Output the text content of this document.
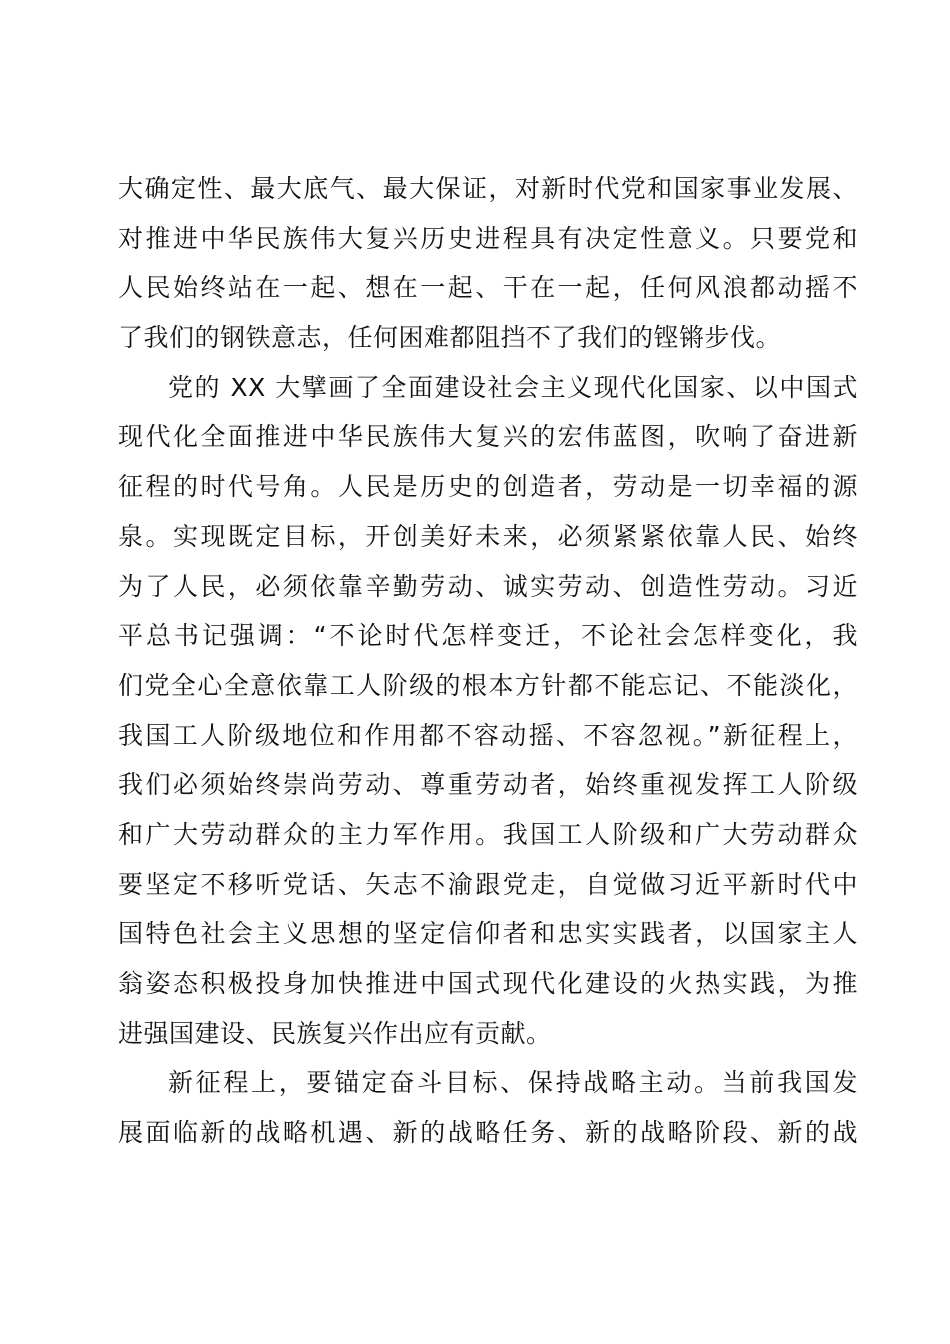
大确定性、最大底气、最大保证，对新时代党和国家事业发展、
对推进中华民族伟大复兴历史进程具有决定性意义。只要党和
人民始终站在一起、想在一起、干在一起，任何风浪都动摇不
了我们的钢铁意志，任何困难都阻挡不了我们的铿锵步伐。
党的 XX 大擘画了全面建设社会主义现代化国家、以中国式
现代化全面推进中华民族伟大复兴的宏伟蓝图，吹响了奋进新
征程的时代号角。人民是历史的创造者，劳动是一切幸福的源
泉。实现既定目标，开创美好未来，必须紧紧依靠人民、始终
为了人民，必须依靠辛勤劳动、诚实劳动、创造性劳动。习近
平总书记强调：“不论时代怎样变迁，不论社会怎样变化，我
们党全心全意依靠工人阶级的根本方针都不能忘记、不能淡化，
我国工人阶级地位和作用都不容动摇、不容忽视。”新征程上，
我们必须始终崇尚劳动、尊重劳动者，始终重视发挥工人阶级
和广大劳动群众的主力军作用。我国工人阶级和广大劳动群众
要坚定不移听党话、矢志不渝跟党走，自觉做习近平新时代中
国特色社会主义思想的坚定信仰者和忠实实践者，以国家主人
翁姿态积极投身加快推进中国式现代化建设的火热实践，为推
进强国建设、民族复兴作出应有贡献。
新征程上，要锚定奋斗目标、保持战略主动。当前我国发
展面临新的战略机遇、新的战略任务、新的战略阶段、新的战
